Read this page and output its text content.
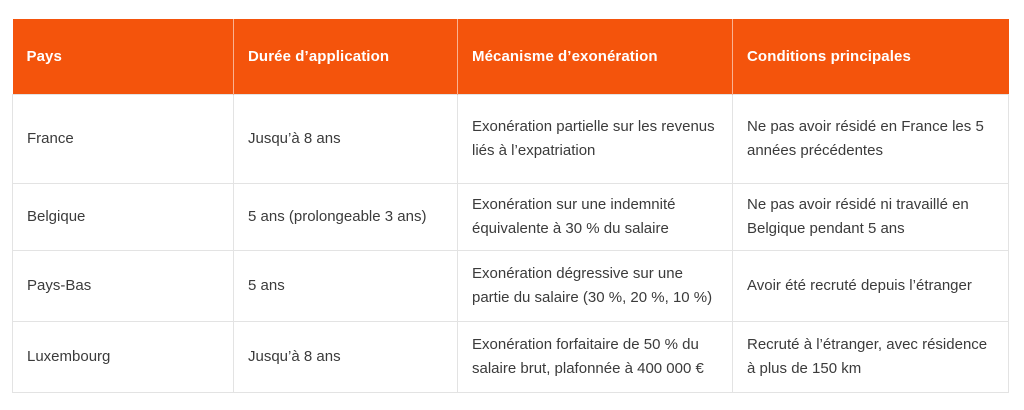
Pays	Durée d’application	Mécanisme d’exonération	Conditions principales
France	Jusqu’à 8 ans	Exonération partielle sur les revenus liés à l’expatriation	Ne pas avoir résidé en France les 5 années précédentes
Belgique	5 ans (prolongeable 3 ans)	Exonération sur une indemnité équivalente à 30 % du salaire	Ne pas avoir résidé ni travaillé en Belgique pendant 5 ans
Pays-Bas	5 ans	Exonération dégressive sur une partie du salaire (30 %, 20 %, 10 %)	Avoir été recruté depuis l’étranger
Luxembourg	Jusqu’à 8 ans	Exonération forfaitaire de 50 % du salaire brut, plafonnée à 400 000 €	Recruté à l’étranger, avec résidence à plus de 150 km
